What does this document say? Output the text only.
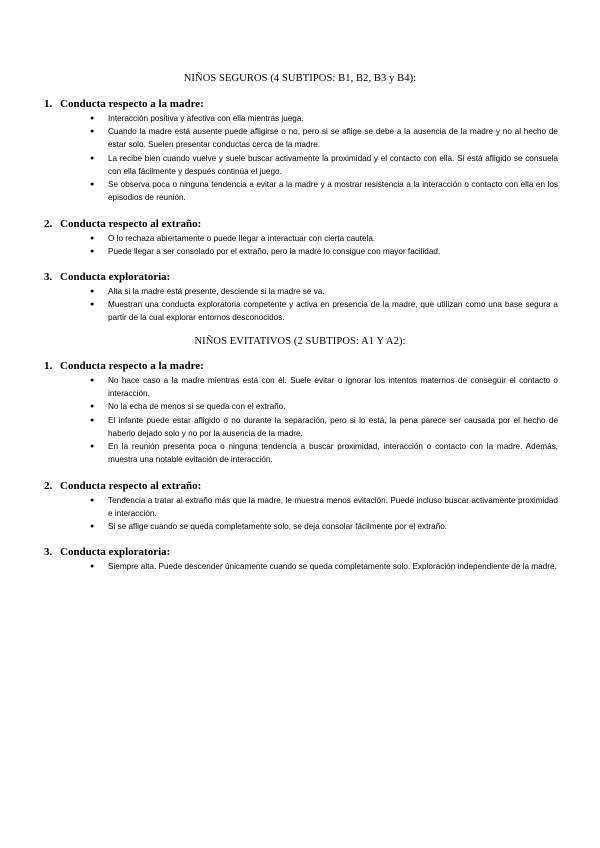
NIÑOS SEGUROS (4 SUBTIPOS: B1, B2, B3 y B4):

1. Conducta respecto a la madre:
● Interacción positiva y afectiva con ella mientras juega.
● Cuando la madre está ausente puede afligirse o no, pero si se aflige se debe a la ausencia de la madre y no al hecho de estar solo. Suelen presentar conductas cerca de la madre.
● La recibe bien cuando vuelve y suele buscar activamente la proximidad y el contacto con ella. Si está afligido se consuela con ella fácilmente y después continúa el juego.
● Se observa poca o ninguna tendencia a evitar a la madre y a mostrar resistencia a la interacción o contacto con ella en los episodios de reunión.
2. Conducta respecto al extraño:
● O lo rechaza abiertamente o puede llegar a interactuar con cierta cautela.
● Puede llegar a ser consolado por el extraño, pero la madre lo consigue con mayor facilidad.
3. Conducta exploratoria:
● Alta si la madre está presente, desciende si la madre se va.
● Muestran una conducta exploratoria competente y activa en presencia de la madre, que utilizan como una base segura a partir de la cual explorar entornos desconocidos.

NIÑOS EVITATIVOS (2 SUBTIPOS: A1 Y A2):

1. Conducta respecto a la madre:
● No hace caso a la madre mientras está con él. Suele evitar o ignorar los intentos maternos de conseguir el contacto o interacción.
● No la echa de menos si se queda con el extraño.
● El infante puede estar afligido o no durante la separación, pero si lo está, la pena parece ser causada por el hecho de haberlo dejado solo y no por la ausencia de la madre.
● En la reunión presenta poca o ninguna tendencia a buscar proximidad, interacción o contacto con la madre. Además, muestra una notable evitación de interacción.
2. Conducta respecto al extraño:
● Tendencia a tratar al extraño más que la madre, le muestra menos evitación. Puede incluso buscar activamente proximidad e interacción.
● Si se aflige cuando se queda completamente solo, se deja consolar fácilmente por el extraño.
3. Conducta exploratoria:
● Siempre alta. Puede descender únicamente cuando se queda completamente solo. Exploración independiente de la madre.
